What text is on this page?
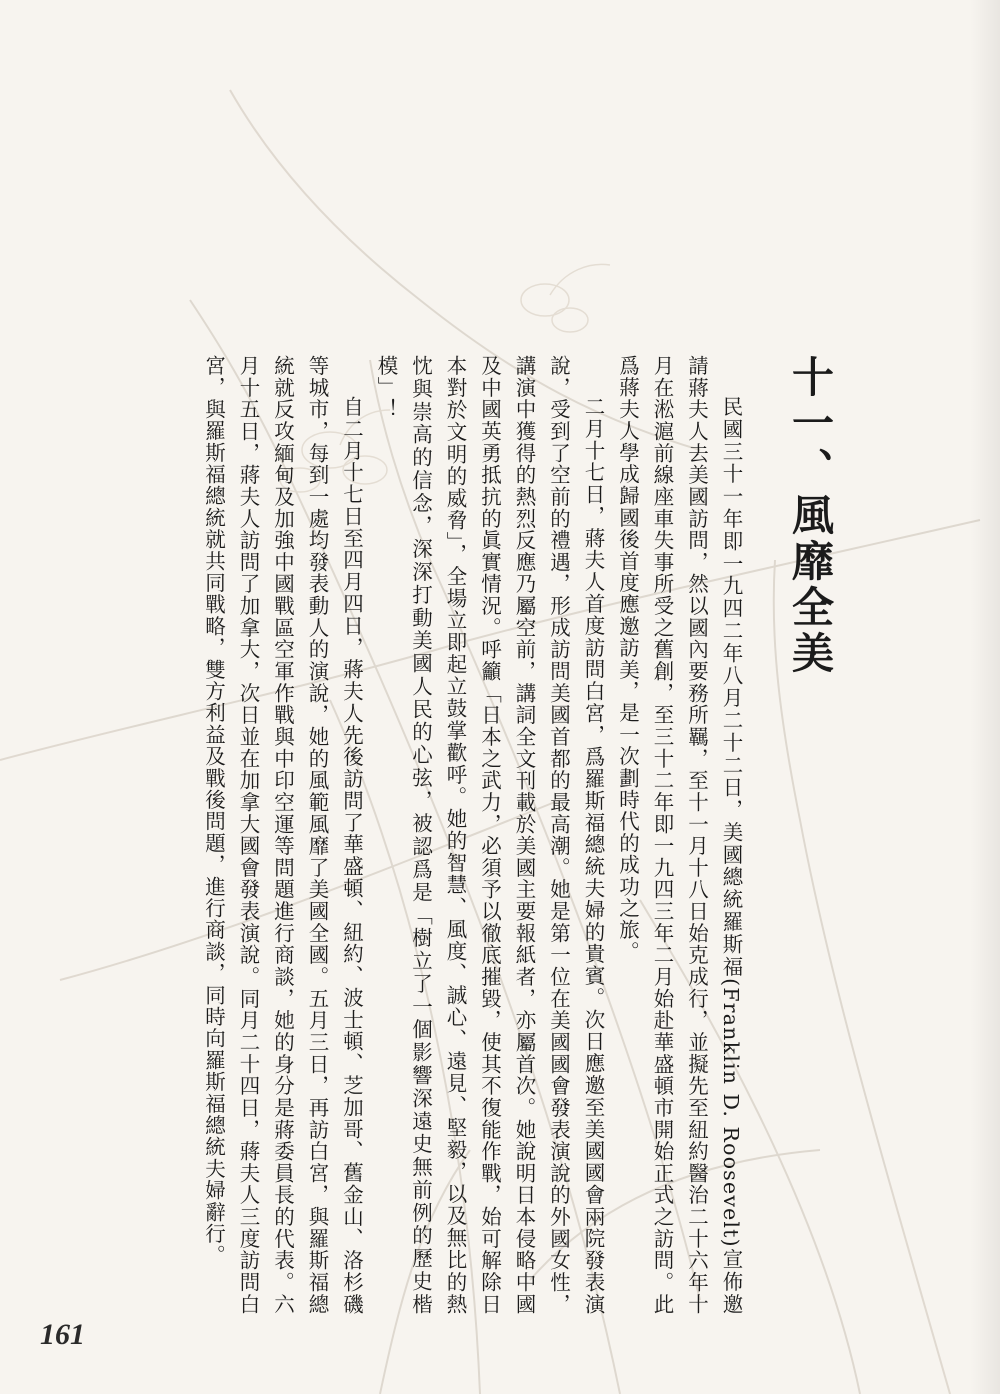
十一、風靡全美

民國三十一年即一九四二年八月二十二日，美國總統羅斯福(Franklin D. Roosevelt)宣佈邀請蔣夫人去美國訪問，然以國內要務所羈，至十一月十八日始克成行，並擬先至紐約醫治二十六年十月在淞滬前線座車失事所受之舊創，至三十二年即一九四三年二月始赴華盛頓市開始正式之訪問。此爲蔣夫人學成歸國後首度應邀訪美，是一次劃時代的成功之旅。

二月十七日，蔣夫人首度訪問白宮，爲羅斯福總統夫婦的貴賓。次日應邀至美國國會兩院發表演說，受到了空前的禮遇，形成訪問美國首都的最高潮。她是第一位在美國國會發表演說的外國女性，講演中獲得的熱烈反應乃屬空前，講詞全文刊載於美國主要報紙者，亦屬首次。她說明日本侵略中國及中國英勇抵抗的眞實情況。呼籲「日本之武力，必須予以徹底摧毀，使其不復能作戰，始可解除日本對於文明的威脅」，全場立即起立鼓掌歡呼。她的智慧、風度、誠心、遠見、堅毅，以及無比的熱忱與崇高的信念，深深打動美國人民的心弦，被認爲是「樹立了一個影響深遠史無前例的歷史楷模」！

自二月十七日至四月四日，蔣夫人先後訪問了華盛頓、紐約、波士頓、芝加哥、舊金山、洛杉磯等城市，每到一處均發表動人的演說，她的風範風靡了美國全國。五月三日，再訪白宮，與羅斯福總統就反攻緬甸及加強中國戰區空軍作戰與中印空運等問題進行商談，她的身分是蔣委員長的代表。六月十五日，蔣夫人訪問了加拿大，次日並在加拿大國會發表演說。同月二十四日，蔣夫人三度訪問白宮，與羅斯福總統就共同戰略，雙方利益及戰後問題，進行商談，同時向羅斯福總統夫婦辭行。

161
